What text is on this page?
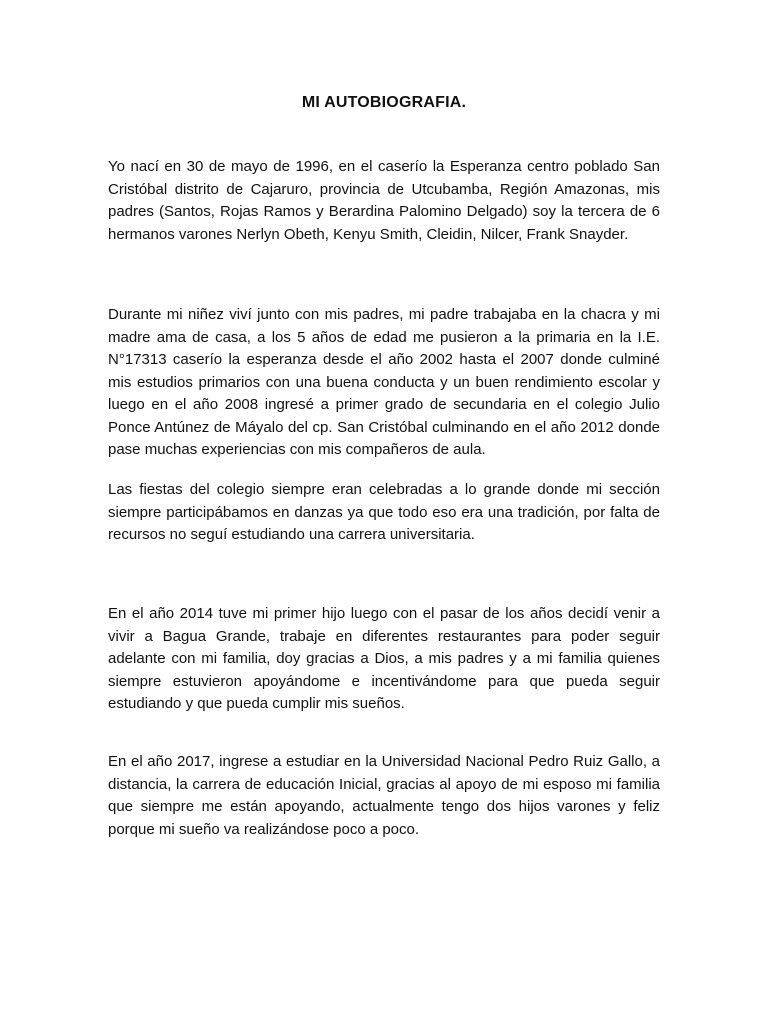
MI AUTOBIOGRAFIA.

Yo nací en 30 de mayo de 1996, en el caserío la Esperanza centro poblado San Cristóbal distrito de Cajaruro, provincia de Utcubamba, Región Amazonas, mis padres (Santos, Rojas Ramos y Berardina Palomino Delgado) soy la tercera de 6 hermanos varones Nerlyn Obeth, Kenyu Smith, Cleidin, Nilcer, Frank Snayder.

Durante mi niñez viví junto con mis padres, mi padre trabajaba en la chacra y mi madre ama de casa, a los 5 años de edad me pusieron a la primaria en la I.E. N°17313 caserío la esperanza desde el año 2002 hasta el 2007 donde culminé mis estudios primarios con una buena conducta y un buen rendimiento escolar y luego en el año 2008 ingresé a primer grado de secundaria en el colegio Julio Ponce Antúnez de Máyalo del cp. San Cristóbal culminando en el año 2012 donde pase muchas experiencias con mis compañeros de aula.

Las fiestas del colegio siempre eran celebradas a lo grande donde mi sección siempre participábamos en danzas ya que todo eso era una tradición, por falta de recursos no seguí estudiando una carrera universitaria.

En el año 2014 tuve mi primer hijo luego con el pasar de los años decidí venir a vivir a Bagua Grande, trabaje en diferentes restaurantes para poder seguir adelante con mi familia, doy gracias a Dios, a mis padres y a mi familia quienes siempre estuvieron apoyándome e incentivándome para que pueda seguir estudiando y que pueda cumplir mis sueños.

En el año 2017, ingrese a estudiar en la Universidad Nacional Pedro Ruiz Gallo, a distancia, la carrera de educación Inicial, gracias al apoyo de mi esposo mi familia que siempre me están apoyando, actualmente tengo dos hijos varones y feliz porque mi sueño va realizándose poco a poco.
